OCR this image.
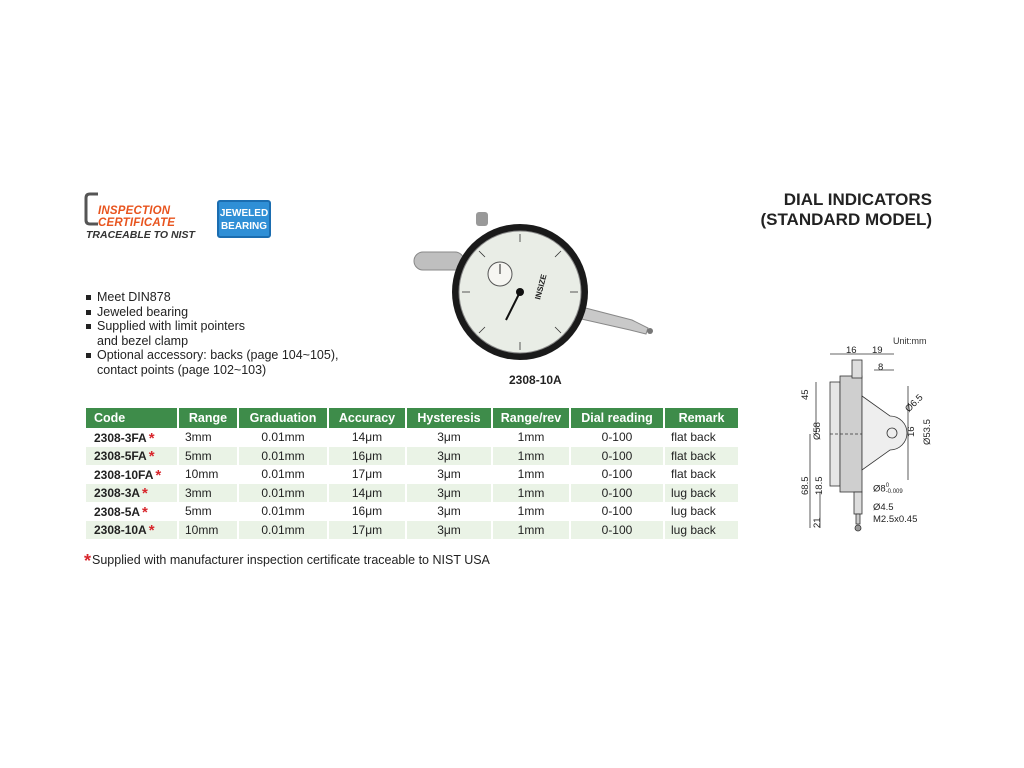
INSPECTION
CERTIFICATE
TRACEABLE TO NIST
JEWELED
BEARING
DIAL INDICATORS
(STANDARD MODEL)
INSIZE
2308-10A
Meet DIN878
Jeweled bearing
Supplied with limit pointers
and bezel clamp
Optional accessory: backs (page 104~105),
contact points (page 102~103)
Code	Range	Graduation	Accuracy	Hysteresis	Range/rev	Dial reading	Remark
2308-3FA *	3mm	0.01mm	14μm	3μm	1mm	0-100	flat back
2308-5FA *	5mm	0.01mm	16μm	3μm	1mm	0-100	flat back
2308-10FA *	10mm	0.01mm	17μm	3μm	1mm	0-100	flat back
2308-3A *	3mm	0.01mm	14μm	3μm	1mm	0-100	lug back
2308-5A *	5mm	0.01mm	16μm	3μm	1mm	0-100	lug back
2308-10A *	10mm	0.01mm	17μm	3μm	1mm	0-100	lug back
*Supplied with manufacturer inspection certificate traceable to NIST USA
Unit:mm
16 19
8
45
Ø58
Ø6.5
16 Ø53.5
68.5 18.5	Ø8 0
-0.009
Ø4.5
21	M2.5x0.45
